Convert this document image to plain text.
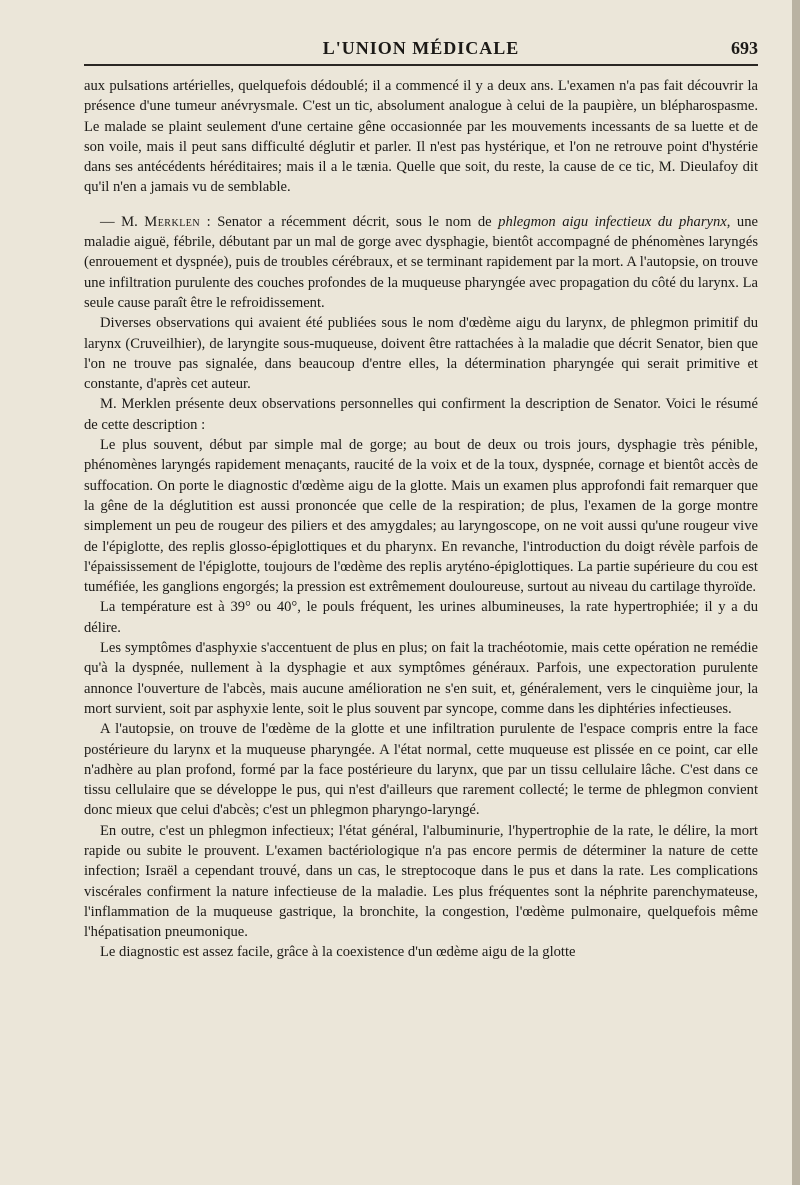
L'UNION MÉDICALE	693

aux pulsations artérielles, quelquefois dédoublé; il a commencé il y a deux ans. L'examen n'a pas fait découvrir la présence d'une tumeur anévrysmale. C'est un tic, absolument analogue à celui de la paupière, un blépharospasme. Le malade se plaint seulement d'une certaine gêne occasionnée par les mouvements incessants de sa luette et de son voile, mais il peut sans difficulté déglutir et parler. Il n'est pas hystérique, et l'on ne retrouve point d'hystérie dans ses antécédents héréditaires; mais il a le tænia. Quelle que soit, du reste, la cause de ce tic, M. Dieulafoy dit qu'il n'en a jamais vu de semblable.

— M. Merklen : Senator a récemment décrit, sous le nom de phlegmon aigu infectieux du pharynx, une maladie aiguë, fébrile, débutant par un mal de gorge avec dysphagie, bientôt accompagné de phénomènes laryngés (enrouement et dyspnée), puis de troubles cérébraux, et se terminant rapidement par la mort. A l'autopsie, on trouve une infiltration purulente des couches profondes de la muqueuse pharyngée avec propagation du côté du larynx. La seule cause paraît être le refroidissement.

Diverses observations qui avaient été publiées sous le nom d'œdème aigu du larynx, de phlegmon primitif du larynx (Cruveilhier), de laryngite sous-muqueuse, doivent être rattachées à la maladie que décrit Senator, bien que l'on ne trouve pas signalée, dans beaucoup d'entre elles, la détermination pharyngée qui serait primitive et constante, d'après cet auteur.

M. Merklen présente deux observations personnelles qui confirment la description de Senator. Voici le résumé de cette description :

Le plus souvent, début par simple mal de gorge; au bout de deux ou trois jours, dysphagie très pénible, phénomènes laryngés rapidement menaçants, raucité de la voix et de la toux, dyspnée, cornage et bientôt accès de suffocation. On porte le diagnostic d'œdème aigu de la glotte. Mais un examen plus approfondi fait remarquer que la gêne de la déglutition est aussi prononcée que celle de la respiration; de plus, l'examen de la gorge montre simplement un peu de rougeur des piliers et des amygdales; au laryngoscope, on ne voit aussi qu'une rougeur vive de l'épiglotte, des replis glosso-épiglottiques et du pharynx. En revanche, l'introduction du doigt révèle parfois de l'épaississement de l'épiglotte, toujours de l'œdème des replis aryténo-épiglottiques. La partie supérieure du cou est tuméfiée, les ganglions engorgés; la pression est extrêmement douloureuse, surtout au niveau du cartilage thyroïde.

La température est à 39° ou 40°, le pouls fréquent, les urines albumineuses, la rate hypertrophiée; il y a du délire.

Les symptômes d'asphyxie s'accentuent de plus en plus; on fait la trachéotomie, mais cette opération ne remédie qu'à la dyspnée, nullement à la dysphagie et aux symptômes généraux. Parfois, une expectoration purulente annonce l'ouverture de l'abcès, mais aucune amélioration ne s'en suit, et, généralement, vers le cinquième jour, la mort survient, soit par asphyxie lente, soit le plus souvent par syncope, comme dans les diphtéries infectieuses.

A l'autopsie, on trouve de l'œdème de la glotte et une infiltration purulente de l'espace compris entre la face postérieure du larynx et la muqueuse pharyngée. A l'état normal, cette muqueuse est plissée en ce point, car elle n'adhère au plan profond, formé par la face postérieure du larynx, que par un tissu cellulaire lâche. C'est dans ce tissu cellulaire que se développe le pus, qui n'est d'ailleurs que rarement collecté; le terme de phlegmon convient donc mieux que celui d'abcès; c'est un phlegmon pharyngo-laryngé.

En outre, c'est un phlegmon infectieux; l'état général, l'albuminurie, l'hypertrophie de la rate, le délire, la mort rapide ou subite le prouvent. L'examen bactériologique n'a pas encore permis de déterminer la nature de cette infection; Israël a cependant trouvé, dans un cas, le streptocoque dans le pus et dans la rate. Les complications viscérales confirment la nature infectieuse de la maladie. Les plus fréquentes sont la néphrite parenchymateuse, l'inflammation de la muqueuse gastrique, la bronchite, la congestion, l'œdème pulmonaire, quelquefois même l'hépatisation pneumonique.

Le diagnostic est assez facile, grâce à la coexistence d'un œdème aigu de la glotte
